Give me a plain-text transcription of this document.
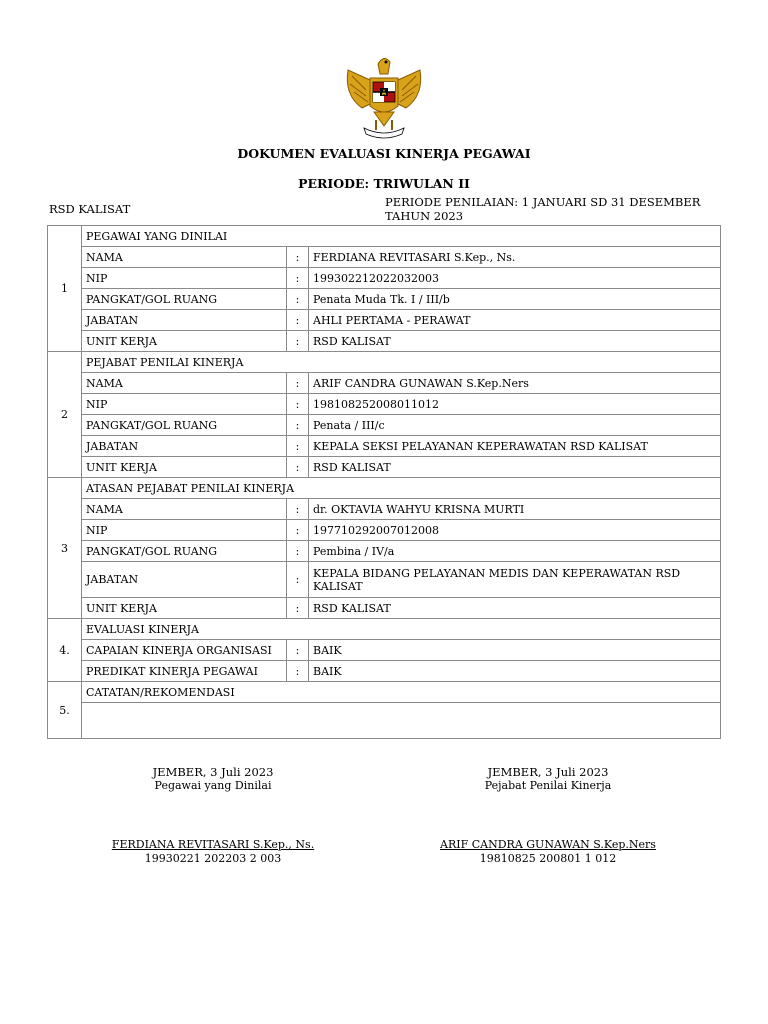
DOKUMEN EVALUASI KINERJA PEGAWAI
PERIODE: TRIWULAN II
RSD KALISAT	PERIODE PENILAIAN: 1 JANUARI SD 31 DESEMBER TAHUN 2023
1	PEGAWAI YANG DINILAI		
	NAMA	:	FERDIANA REVITASARI S.Kep., Ns.
	NIP	:	199302212022032003
	PANGKAT/GOL RUANG	:	Penata Muda Tk. I / III/b
	JABATAN	:	AHLI PERTAMA - PERAWAT
	UNIT KERJA	:	RSD KALISAT
2	PEJABAT PENILAI KINERJA		
	NAMA	:	ARIF CANDRA GUNAWAN S.Kep.Ners
	NIP	:	198108252008011012
	PANGKAT/GOL RUANG	:	Penata / III/c
	JABATAN	:	KEPALA SEKSI PELAYANAN KEPERAWATAN RSD KALISAT
	UNIT KERJA	:	RSD KALISAT
3	ATASAN PEJABAT PENILAI KINERJA		
	NAMA	:	dr. OKTAVIA WAHYU KRISNA MURTI
	NIP	:	197710292007012008
	PANGKAT/GOL RUANG	:	Pembina / IV/a
	JABATAN	:	KEPALA BIDANG PELAYANAN MEDIS DAN KEPERAWATAN RSD KALISAT
	UNIT KERJA	:	RSD KALISAT
4.	EVALUASI KINERJA		
	CAPAIAN KINERJA ORGANISASI	:	BAIK
	PREDIKAT KINERJA PEGAWAI	:	BAIK
5.	CATATAN/REKOMENDASI		

JEMBER, 3 Juli 2023
Pegawai yang Dinilai
FERDIANA REVITASARI S.Kep., Ns.
19930221 202203 2 003
JEMBER, 3 Juli 2023
Pejabat Penilai Kinerja
ARIF CANDRA GUNAWAN S.Kep.Ners
19810825 200801 1 012
